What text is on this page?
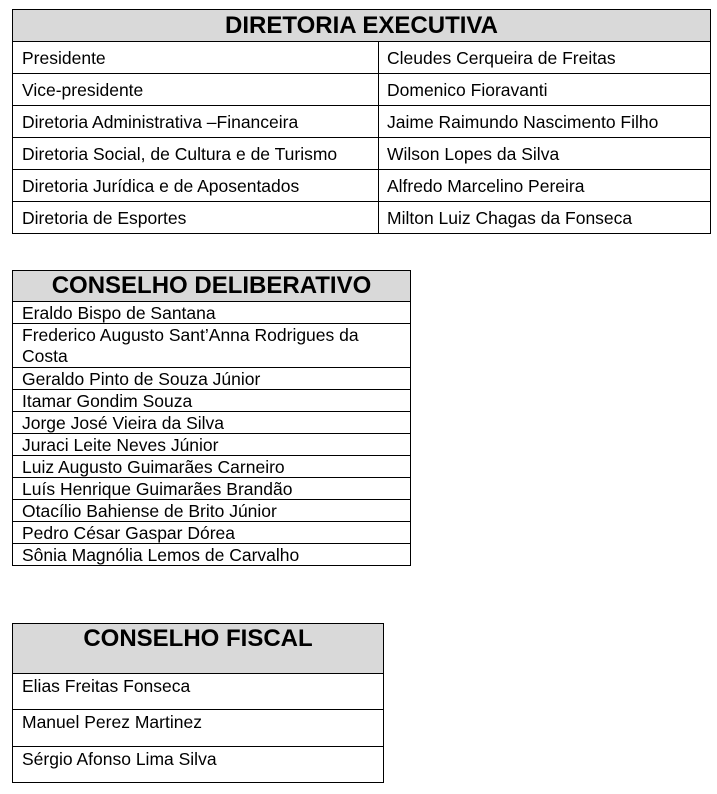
DIRETORIA EXECUTIVA	
Presidente	Cleudes Cerqueira de Freitas
Vice-presidente	Domenico Fioravanti
Diretoria Administrativa –Financeira	Jaime Raimundo Nascimento Filho
Diretoria Social, de Cultura e de Turismo	Wilson Lopes da Silva
Diretoria Jurídica e de Aposentados	Alfredo Marcelino Pereira
Diretoria de Esportes	Milton Luiz Chagas da Fonseca
CONSELHO DELIBERATIVO
Eraldo Bispo de Santana
Frederico Augusto Sant’Anna Rodrigues da Costa
Geraldo Pinto de Souza Júnior
Itamar Gondim Souza
Jorge José Vieira da Silva
Juraci Leite Neves Júnior
Luiz Augusto Guimarães Carneiro
Luís Henrique Guimarães Brandão
Otacílio Bahiense de Brito Júnior
Pedro César Gaspar Dórea
Sônia Magnólia Lemos de Carvalho
CONSELHO FISCAL
Elias Freitas Fonseca
Manuel Perez Martinez
Sérgio Afonso Lima Silva
